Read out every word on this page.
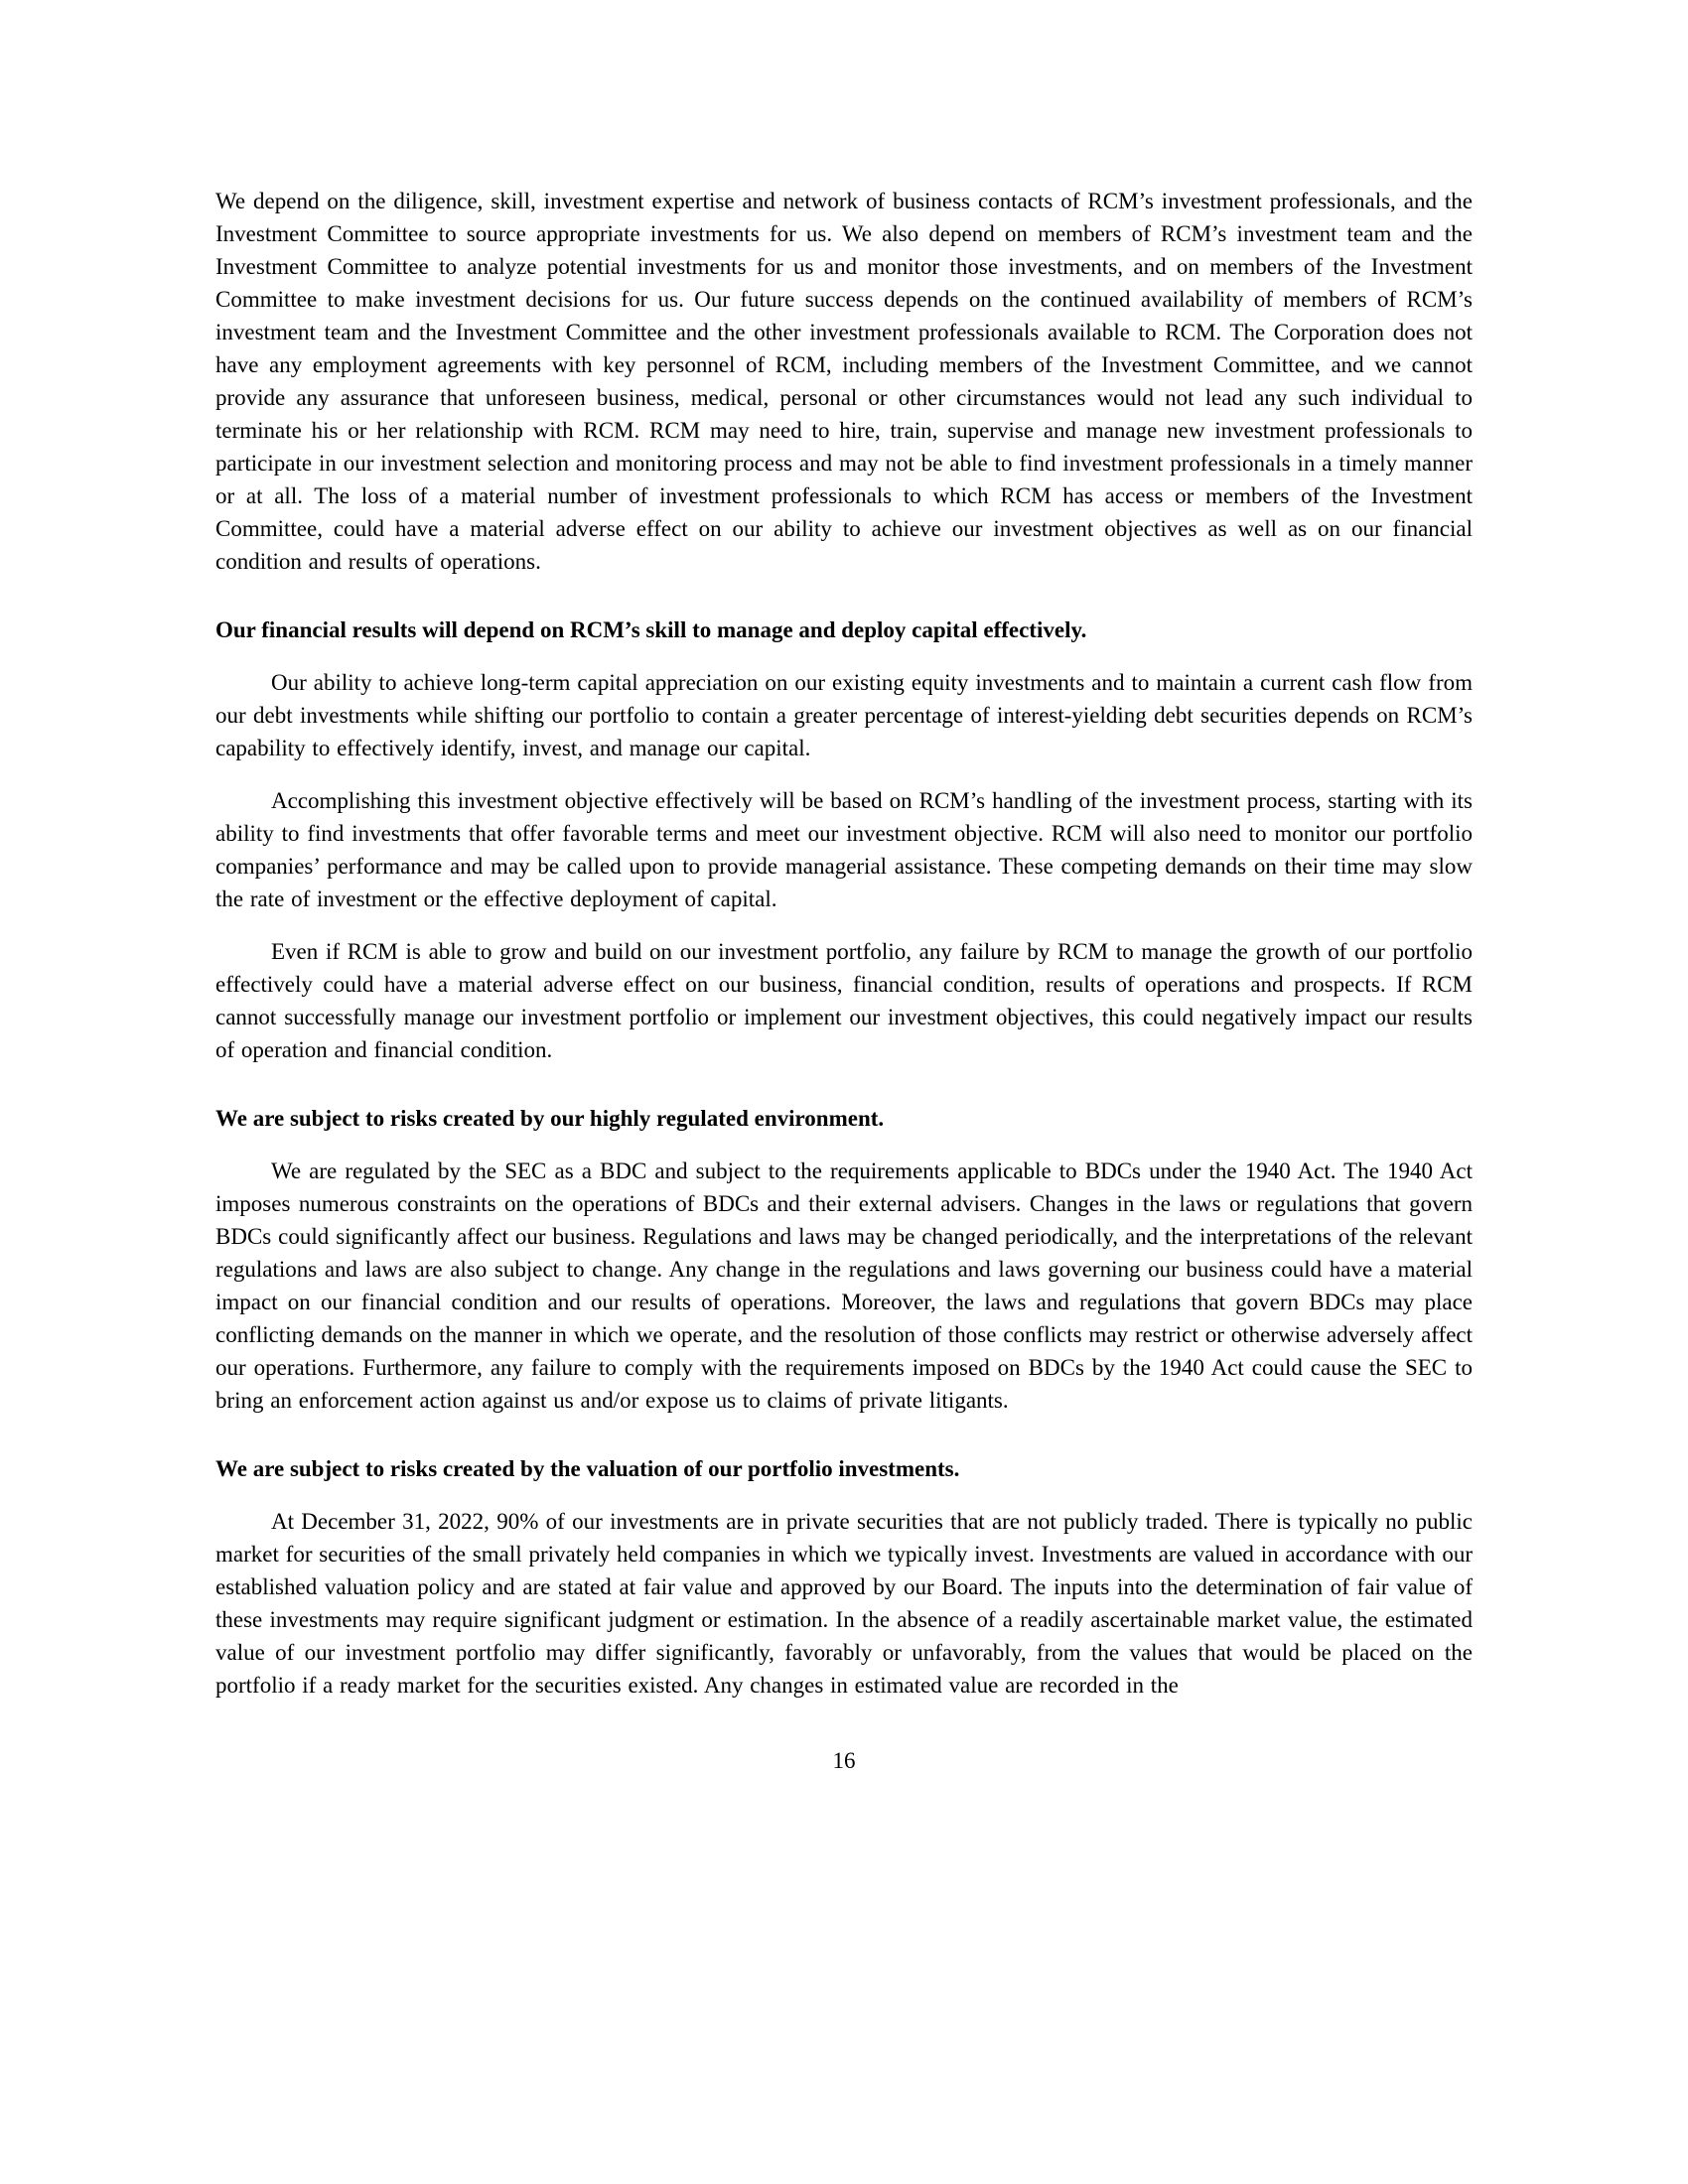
We depend on the diligence, skill, investment expertise and network of business contacts of RCM’s investment professionals, and the Investment Committee to source appropriate investments for us. We also depend on members of RCM’s investment team and the Investment Committee to analyze potential investments for us and monitor those investments, and on members of the Investment Committee to make investment decisions for us. Our future success depends on the continued availability of members of RCM’s investment team and the Investment Committee and the other investment professionals available to RCM. The Corporation does not have any employment agreements with key personnel of RCM, including members of the Investment Committee, and we cannot provide any assurance that unforeseen business, medical, personal or other circumstances would not lead any such individual to terminate his or her relationship with RCM. RCM may need to hire, train, supervise and manage new investment professionals to participate in our investment selection and monitoring process and may not be able to find investment professionals in a timely manner or at all. The loss of a material number of investment professionals to which RCM has access or members of the Investment Committee, could have a material adverse effect on our ability to achieve our investment objectives as well as on our financial condition and results of operations.

Our financial results will depend on RCM’s skill to manage and deploy capital effectively.

Our ability to achieve long-term capital appreciation on our existing equity investments and to maintain a current cash flow from our debt investments while shifting our portfolio to contain a greater percentage of interest-yielding debt securities depends on RCM’s capability to effectively identify, invest, and manage our capital.

Accomplishing this investment objective effectively will be based on RCM’s handling of the investment process, starting with its ability to find investments that offer favorable terms and meet our investment objective. RCM will also need to monitor our portfolio companies’ performance and may be called upon to provide managerial assistance. These competing demands on their time may slow the rate of investment or the effective deployment of capital.

Even if RCM is able to grow and build on our investment portfolio, any failure by RCM to manage the growth of our portfolio effectively could have a material adverse effect on our business, financial condition, results of operations and prospects. If RCM cannot successfully manage our investment portfolio or implement our investment objectives, this could negatively impact our results of operation and financial condition.

We are subject to risks created by our highly regulated environment.

We are regulated by the SEC as a BDC and subject to the requirements applicable to BDCs under the 1940 Act. The 1940 Act imposes numerous constraints on the operations of BDCs and their external advisers. Changes in the laws or regulations that govern BDCs could significantly affect our business. Regulations and laws may be changed periodically, and the interpretations of the relevant regulations and laws are also subject to change. Any change in the regulations and laws governing our business could have a material impact on our financial condition and our results of operations. Moreover, the laws and regulations that govern BDCs may place conflicting demands on the manner in which we operate, and the resolution of those conflicts may restrict or otherwise adversely affect our operations. Furthermore, any failure to comply with the requirements imposed on BDCs by the 1940 Act could cause the SEC to bring an enforcement action against us and/or expose us to claims of private litigants.

We are subject to risks created by the valuation of our portfolio investments.

At December 31, 2022, 90% of our investments are in private securities that are not publicly traded. There is typically no public market for securities of the small privately held companies in which we typically invest. Investments are valued in accordance with our established valuation policy and are stated at fair value and approved by our Board. The inputs into the determination of fair value of these investments may require significant judgment or estimation. In the absence of a readily ascertainable market value, the estimated value of our investment portfolio may differ significantly, favorably or unfavorably, from the values that would be placed on the portfolio if a ready market for the securities existed. Any changes in estimated value are recorded in the

16
